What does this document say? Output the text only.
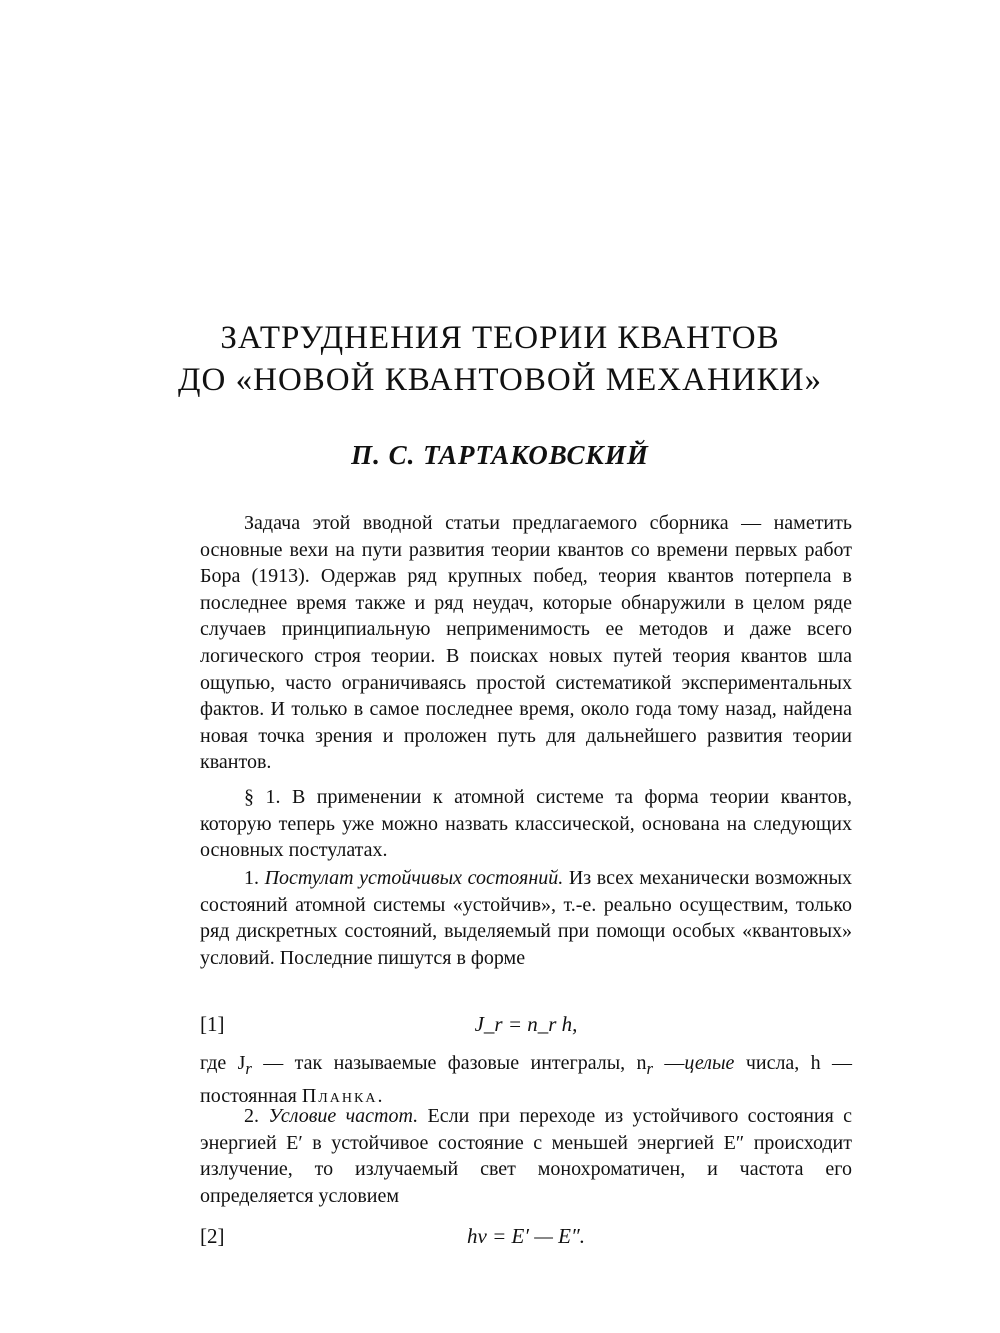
ЗАТРУДНЕНИЯ ТЕОРИИ КВАНТОВ
ДО «НОВОЙ КВАНТОВОЙ МЕХАНИКИ»

П. С. ТАРТАКОВСКИЙ

Задача этой вводной статьи предлагаемого сборника — наметить основные вехи на пути развития теории квантов со времени первых работ Бора (1913). Одержав ряд крупных побед, теория квантов потерпела в последнее время также и ряд неудач, которые обнаружили в целом ряде случаев принципиальную неприменимость ее методов и даже всего логического строя теории. В поисках новых путей теория квантов шла ощупью, часто ограничиваясь простой систематикой экспериментальных фактов. И только в самое последнее время, около года тому назад, найдена новая точка зрения и проложен путь для дальнейшего развития теории квантов.

§ 1. В применении к атомной системе та форма теории квантов, которую теперь уже можно назвать классической, основана на следующих основных постулатах.

1. Постулат устойчивых состояний. Из всех механически возможных состояний атомной системы «устойчив», т.-е. реально осуществим, только ряд дискретных состояний, выделяемый при помощи особых «квантовых» условий. Последние пишутся в форме

[1]	J_r = n_r h,

где $J_r$ — так называемые фазовые интегралы, $n_r$ —целые числа, h — постоянная Планка.

2. Условие частот. Если при переходе из устойчивого состояния с энергией E′ в устойчивое состояние с меньшей энергией E″ происходит излучение, то излучаемый свет монохроматичен, и частота его определяется условием

[2]	hν = E′ — E″.
